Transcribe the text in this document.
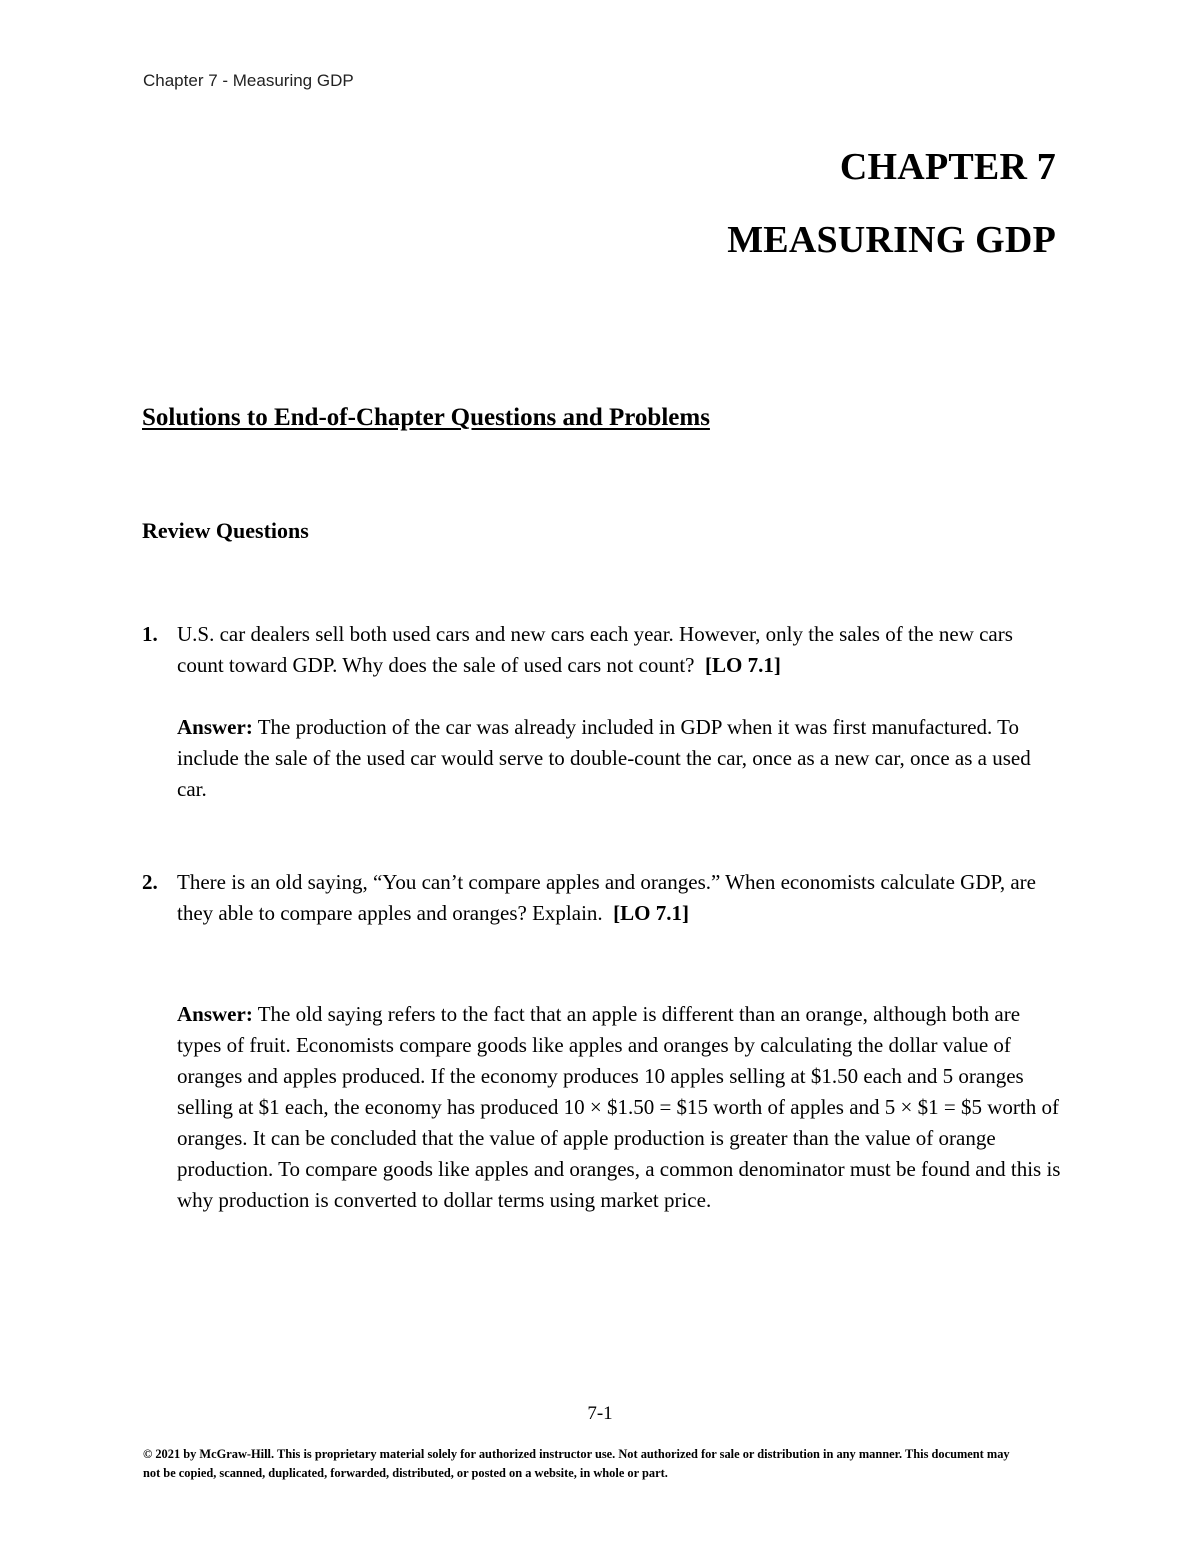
Chapter 7 - Measuring GDP
CHAPTER 7
MEASURING GDP
Solutions to End-of-Chapter Questions and Problems
Review Questions
1. U.S. car dealers sell both used cars and new cars each year. However, only the sales of the new cars count toward GDP. Why does the sale of used cars not count? [LO 7.1]
Answer: The production of the car was already included in GDP when it was first manufactured. To include the sale of the used car would serve to double-count the car, once as a new car, once as a used car.
2. There is an old saying, “You can’t compare apples and oranges.” When economists calculate GDP, are they able to compare apples and oranges? Explain. [LO 7.1]
Answer: The old saying refers to the fact that an apple is different than an orange, although both are types of fruit. Economists compare goods like apples and oranges by calculating the dollar value of oranges and apples produced. If the economy produces 10 apples selling at $1.50 each and 5 oranges selling at $1 each, the economy has produced 10 × $1.50 = $15 worth of apples and 5 × $1 = $5 worth of oranges. It can be concluded that the value of apple production is greater than the value of orange production. To compare goods like apples and oranges, a common denominator must be found and this is why production is converted to dollar terms using market price.
7-1
© 2021 by McGraw-Hill. This is proprietary material solely for authorized instructor use. Not authorized for sale or distribution in any manner. This document may not be copied, scanned, duplicated, forwarded, distributed, or posted on a website, in whole or part.
